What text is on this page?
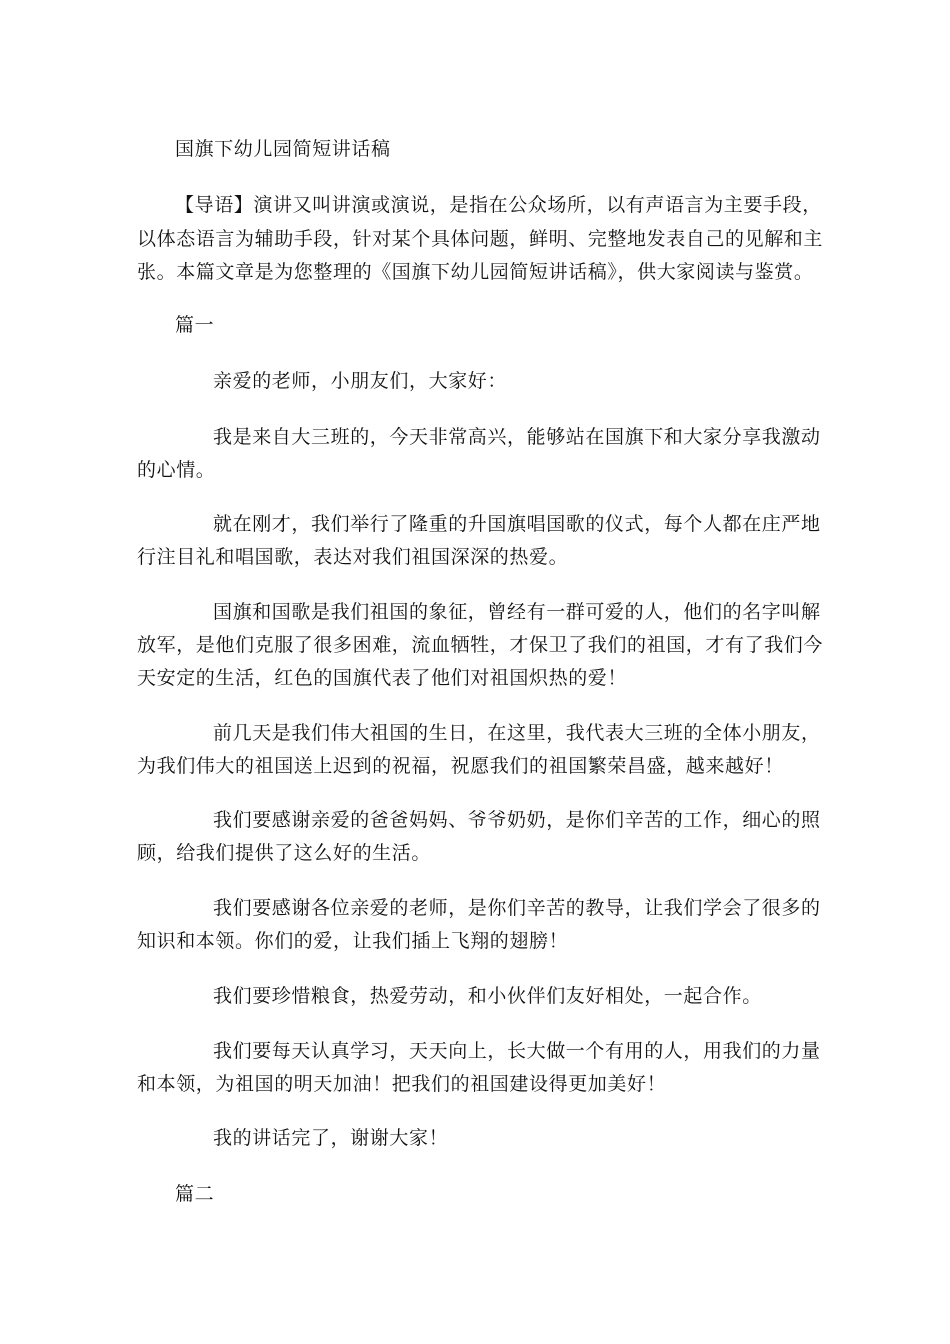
国旗下幼儿园简短讲话稿
【导语】演讲又叫讲演或演说，是指在公众场所，以有声语言为主要手段，
以体态语言为辅助手段，针对某个具体问题，鲜明、完整地发表自己的见解和主
张。本篇文章是为您整理的《国旗下幼儿园简短讲话稿》，供大家阅读与鉴赏。
篇一
亲爱的老师，小朋友们，大家好：
我是来自大三班的，今天非常高兴，能够站在国旗下和大家分享我激动
的心情。
就在刚才，我们举行了隆重的升国旗唱国歌的仪式，每个人都在庄严地
行注目礼和唱国歌，表达对我们祖国深深的热爱。
国旗和国歌是我们祖国的象征，曾经有一群可爱的人，他们的名字叫解
放军，是他们克服了很多困难，流血牺牲，才保卫了我们的祖国，才有了我们今
天安定的生活，红色的国旗代表了他们对祖国炽热的爱！
前几天是我们伟大祖国的生日，在这里，我代表大三班的全体小朋友，
为我们伟大的祖国送上迟到的祝福，祝愿我们的祖国繁荣昌盛，越来越好！
我们要感谢亲爱的爸爸妈妈、爷爷奶奶，是你们辛苦的工作，细心的照
顾，给我们提供了这么好的生活。
我们要感谢各位亲爱的老师，是你们辛苦的教导，让我们学会了很多的
知识和本领。你们的爱，让我们插上飞翔的翅膀！
我们要珍惜粮食，热爱劳动，和小伙伴们友好相处，一起合作。
我们要每天认真学习，天天向上，长大做一个有用的人，用我们的力量
和本领，为祖国的明天加油！把我们的祖国建设得更加美好！
我的讲话完了，谢谢大家！
篇二
